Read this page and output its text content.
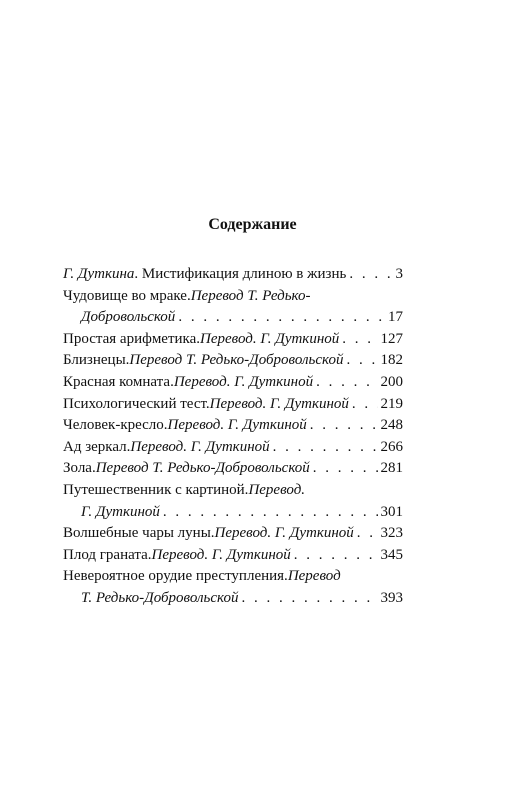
Содержание
Г. Дуткина . Мистификация длиною в жизнь . . .	3
Чудовище во мраке. Перевод Т. Редько-
Добровольской . . .	17
Простая арифметика. Перевод. Г. Дуткиной . . .	127
Близнецы. Перевод Т. Редько-Добровольской . . . 182
Красная комната. Перевод. Г. Дуткиной . . .	200
Психологический тест. Перевод. Г. Дуткиной . . . 219
Человек-кресло. Перевод. Г. Дуткиной . . .	248
Ад зеркал. Перевод. Г. Дуткиной . . .	266
Зола. Перевод Т. Редько-Добровольской . . .	281
Путешественник с картиной. Перевод.
Г. Дуткиной . . .	301
Волшебные чары луны. Перевод. Г. Дуткиной . . . 323
Плод граната. Перевод. Г. Дуткиной . . .	345
Невероятное орудие преступления. Перевод
Т. Редько-Добровольской . . .	393
